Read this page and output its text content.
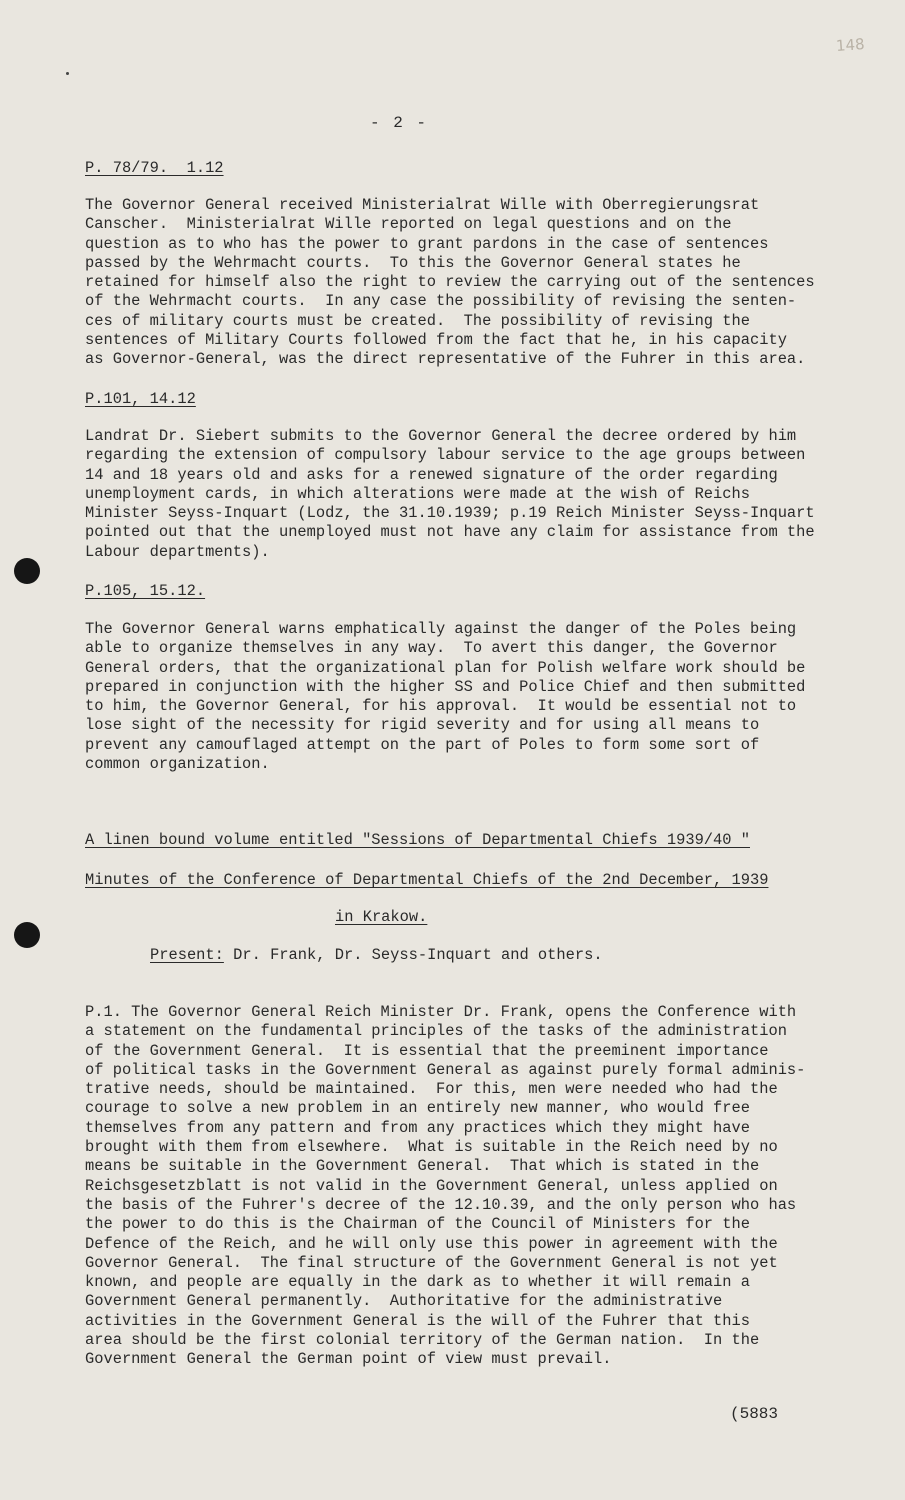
148
- 2 -
P. 78/79.  1.12
The Governor General received Ministerialrat Wille with Oberregierungsrat
Canscher.  Ministerialrat Wille reported on legal questions and on the
question as to who has the power to grant pardons in the case of sentences
passed by the Wehrmacht courts.  To this the Governor General states he
retained for himself also the right to review the carrying out of the sentences
of the Wehrmacht courts.  In any case the possibility of revising the senten-
ces of military courts must be created.  The possibility of revising the
sentences of Military Courts followed from the fact that he, in his capacity
as Governor-General, was the direct representative of the Fuhrer in this area.
P.101, 14.12
Landrat Dr. Siebert submits to the Governor General the decree ordered by him
regarding the extension of compulsory labour service to the age groups between
14 and 18 years old and asks for a renewed signature of the order regarding
unemployment cards, in which alterations were made at the wish of Reichs
Minister Seyss-Inquart (Lodz, the 31.10.1939; p.19 Reich Minister Seyss-Inquart
pointed out that the unemployed must not have any claim for assistance from the
Labour departments).
P.105, 15.12.
The Governor General warns emphatically against the danger of the Poles being
able to organize themselves in any way.  To avert this danger, the Governor
General orders, that the organizational plan for Polish welfare work should be
prepared in conjunction with the higher SS and Police Chief and then submitted
to him, the Governor General, for his approval.  It would be essential not to
lose sight of the necessity for rigid severity and for using all means to
prevent any camouflaged attempt on the part of Poles to form some sort of
common organization.
A linen bound volume entitled "Sessions of Departmental Chiefs 1939/40 "
Minutes of the Conference of Departmental Chiefs of the 2nd December, 1939
in Krakow.
Present: Dr. Frank, Dr. Seyss-Inquart and others.
P.1. The Governor General Reich Minister Dr. Frank, opens the Conference with
a statement on the fundamental principles of the tasks of the administration
of the Government General.  It is essential that the preeminent importance
of political tasks in the Government General as against purely formal adminis-
trative needs, should be maintained.  For this, men were needed who had the
courage to solve a new problem in an entirely new manner, who would free
themselves from any pattern and from any practices which they might have
brought with them from elsewhere.  What is suitable in the Reich need by no
means be suitable in the Government General.  That which is stated in the
Reichsgesetzblatt is not valid in the Government General, unless applied on
the basis of the Fuhrer's decree of the 12.10.39, and the only person who has
the power to do this is the Chairman of the Council of Ministers for the
Defence of the Reich, and he will only use this power in agreement with the
Governor General.  The final structure of the Government General is not yet
known, and people are equally in the dark as to whether it will remain a
Government General permanently.  Authoritative for the administrative
activities in the Government General is the will of the Fuhrer that this
area should be the first colonial territory of the German nation.  In the
Government General the German point of view must prevail.
(5883
